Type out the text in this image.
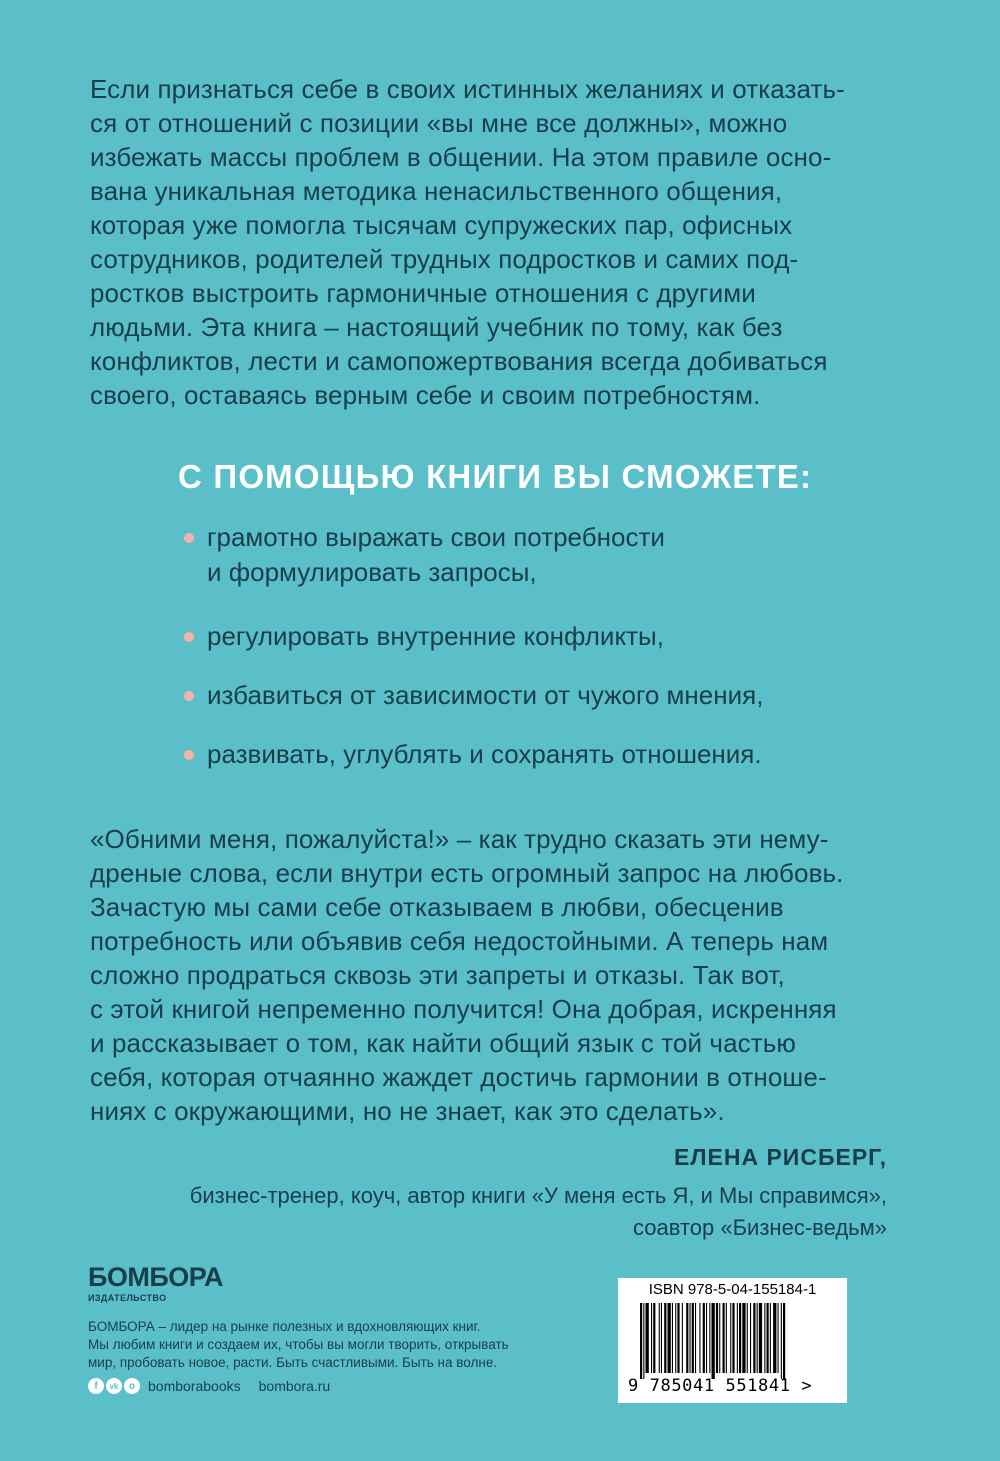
Если признаться себе в своих истинных желаниях и отказать-
ся от отношений с позиции «вы мне все должны», можно
избежать массы проблем в общении. На этом правиле осно-
вана уникальная методика ненасильственного общения,
которая уже помогла тысячам супружеских пар, офисных
сотрудников, родителей трудных подростков и самих под-
ростков выстроить гармоничные отношения с другими
людьми. Эта книга – настоящий учебник по тому, как без
конфликтов, лести и самопожертвования всегда добиваться
своего, оставаясь верным себе и своим потребностям.
С ПОМОЩЬЮ КНИГИ ВЫ СМОЖЕТЕ:
грамотно выражать свои потребности
и формулировать запросы,
регулировать внутренние конфликты,
избавиться от зависимости от чужого мнения,
развивать, углублять и сохранять отношения.
«Обними меня, пожалуйста!» – как трудно сказать эти нему-
дреные слова, если внутри есть огромный запрос на любовь.
Зачастую мы сами себе отказываем в любви, обесценив
потребность или объявив себя недостойными. А теперь нам
сложно продраться сквозь эти запреты и отказы. Так вот,
с этой книгой непременно получится! Она добрая, искренняя
и рассказывает о том, как найти общий язык с той частью
себя, которая отчаянно жаждет достичь гармонии в отноше-
ниях с окружающими, но не знает, как это сделать».

ЕЛЕНА РИСБЕРГ,

бизнес-тренер, коуч, автор книги «У меня есть Я, и Мы справимся»,

соавтор «Бизнес-ведьм»

БОМБОРА
ИЗДАТЕЛЬСТВО
БОМБОРА – лидер на рынке полезных и вдохновляющих книг.
Мы любим книги и создаем их, чтобы вы могли творить, открывать
мир, пробовать новое, расти. Быть счастливыми. Быть на волне.
f	vk	o bomborabooks bombora.ru
ISBN 978-5-04-155184-1
9 785041 551841 >
